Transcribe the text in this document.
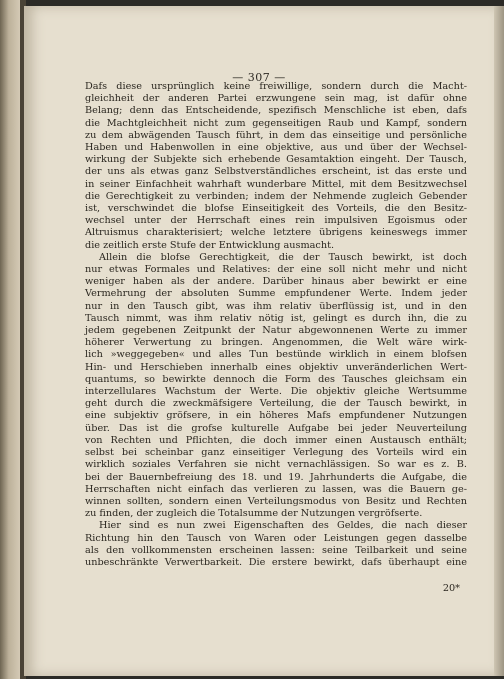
— 307 —
Dafs diese ursprünglich keine freiwillige, sondern durch die Macht-
gleichheit der anderen Partei erzwungene sein mag, ist dafür ohne
Belang; denn das Entscheidende, spezifisch Menschliche ist eben, dafs
die Machtgleichheit nicht zum gegenseitigen Raub und Kampf, sondern
zu dem abwägenden Tausch führt, in dem das einseitige und persönliche
Haben und Habenwollen in eine objektive, aus und über der Wechsel-
wirkung der Subjekte sich erhebende Gesamtaktion eingeht. Der Tausch,
der uns als etwas ganz Selbstverständliches erscheint, ist das erste und
in seiner Einfachheit wahrhaft wunderbare Mittel, mit dem Besitzwechsel
die Gerechtigkeit zu verbinden; indem der Nehmende zugleich Gebender
ist, verschwindet die blofse Einseitigkeit des Vorteils, die den Besitz-
wechsel unter der Herrschaft eines rein impulsiven Egoismus oder
Altruismus charakterisiert; welche letztere übrigens keineswegs immer
die zeitlich erste Stufe der Entwicklung ausmacht.
Allein die blofse Gerechtigkeit, die der Tausch bewirkt, ist doch
nur etwas Formales und Relatives: der eine soll nicht mehr und nicht
weniger haben als der andere. Darüber hinaus aber bewirkt er eine
Vermehrung der absoluten Summe empfundener Werte. Indem jeder
nur in den Tausch gibt, was ihm relativ überflüssig ist, und in den
Tausch nimmt, was ihm relativ nötig ist, gelingt es durch ihn, die zu
jedem gegebenen Zeitpunkt der Natur abgewonnenen Werte zu immer
höherer Verwertung zu bringen. Angenommen, die Welt wäre wirk-
lich »weggegeben« und alles Tun bestünde wirklich in einem blofsen
Hin- und Herschieben innerhalb eines objektiv unveränderlichen Wert-
quantums, so bewirkte dennoch die Form des Tausches gleichsam ein
interzellulares Wachstum der Werte. Die objektiv gleiche Wertsumme
geht durch die zweckmäfsigere Verteilung, die der Tausch bewirkt, in
eine subjektiv gröfsere, in ein höheres Mafs empfundener Nutzungen
über. Das ist die grofse kulturelle Aufgabe bei jeder Neuverteilung
von Rechten und Pflichten, die doch immer einen Austausch enthält;
selbst bei scheinbar ganz einseitiger Verlegung des Vorteils wird ein
wirklich soziales Verfahren sie nicht vernachlässigen. So war es z. B.
bei der Bauernbefreiung des 18. und 19. Jahrhunderts die Aufgabe, die
Herrschaften nicht einfach das verlieren zu lassen, was die Bauern ge-
winnen sollten, sondern einen Verteilungsmodus von Besitz und Rechten
zu finden, der zugleich die Totalsumme der Nutzungen vergröfserte.
Hier sind es nun zwei Eigenschaften des Geldes, die nach dieser
Richtung hin den Tausch von Waren oder Leistungen gegen dasselbe
als den vollkommensten erscheinen lassen: seine Teilbarkeit und seine
unbeschränkte Verwertbarkeit. Die erstere bewirkt, dafs überhaupt eine
20*
